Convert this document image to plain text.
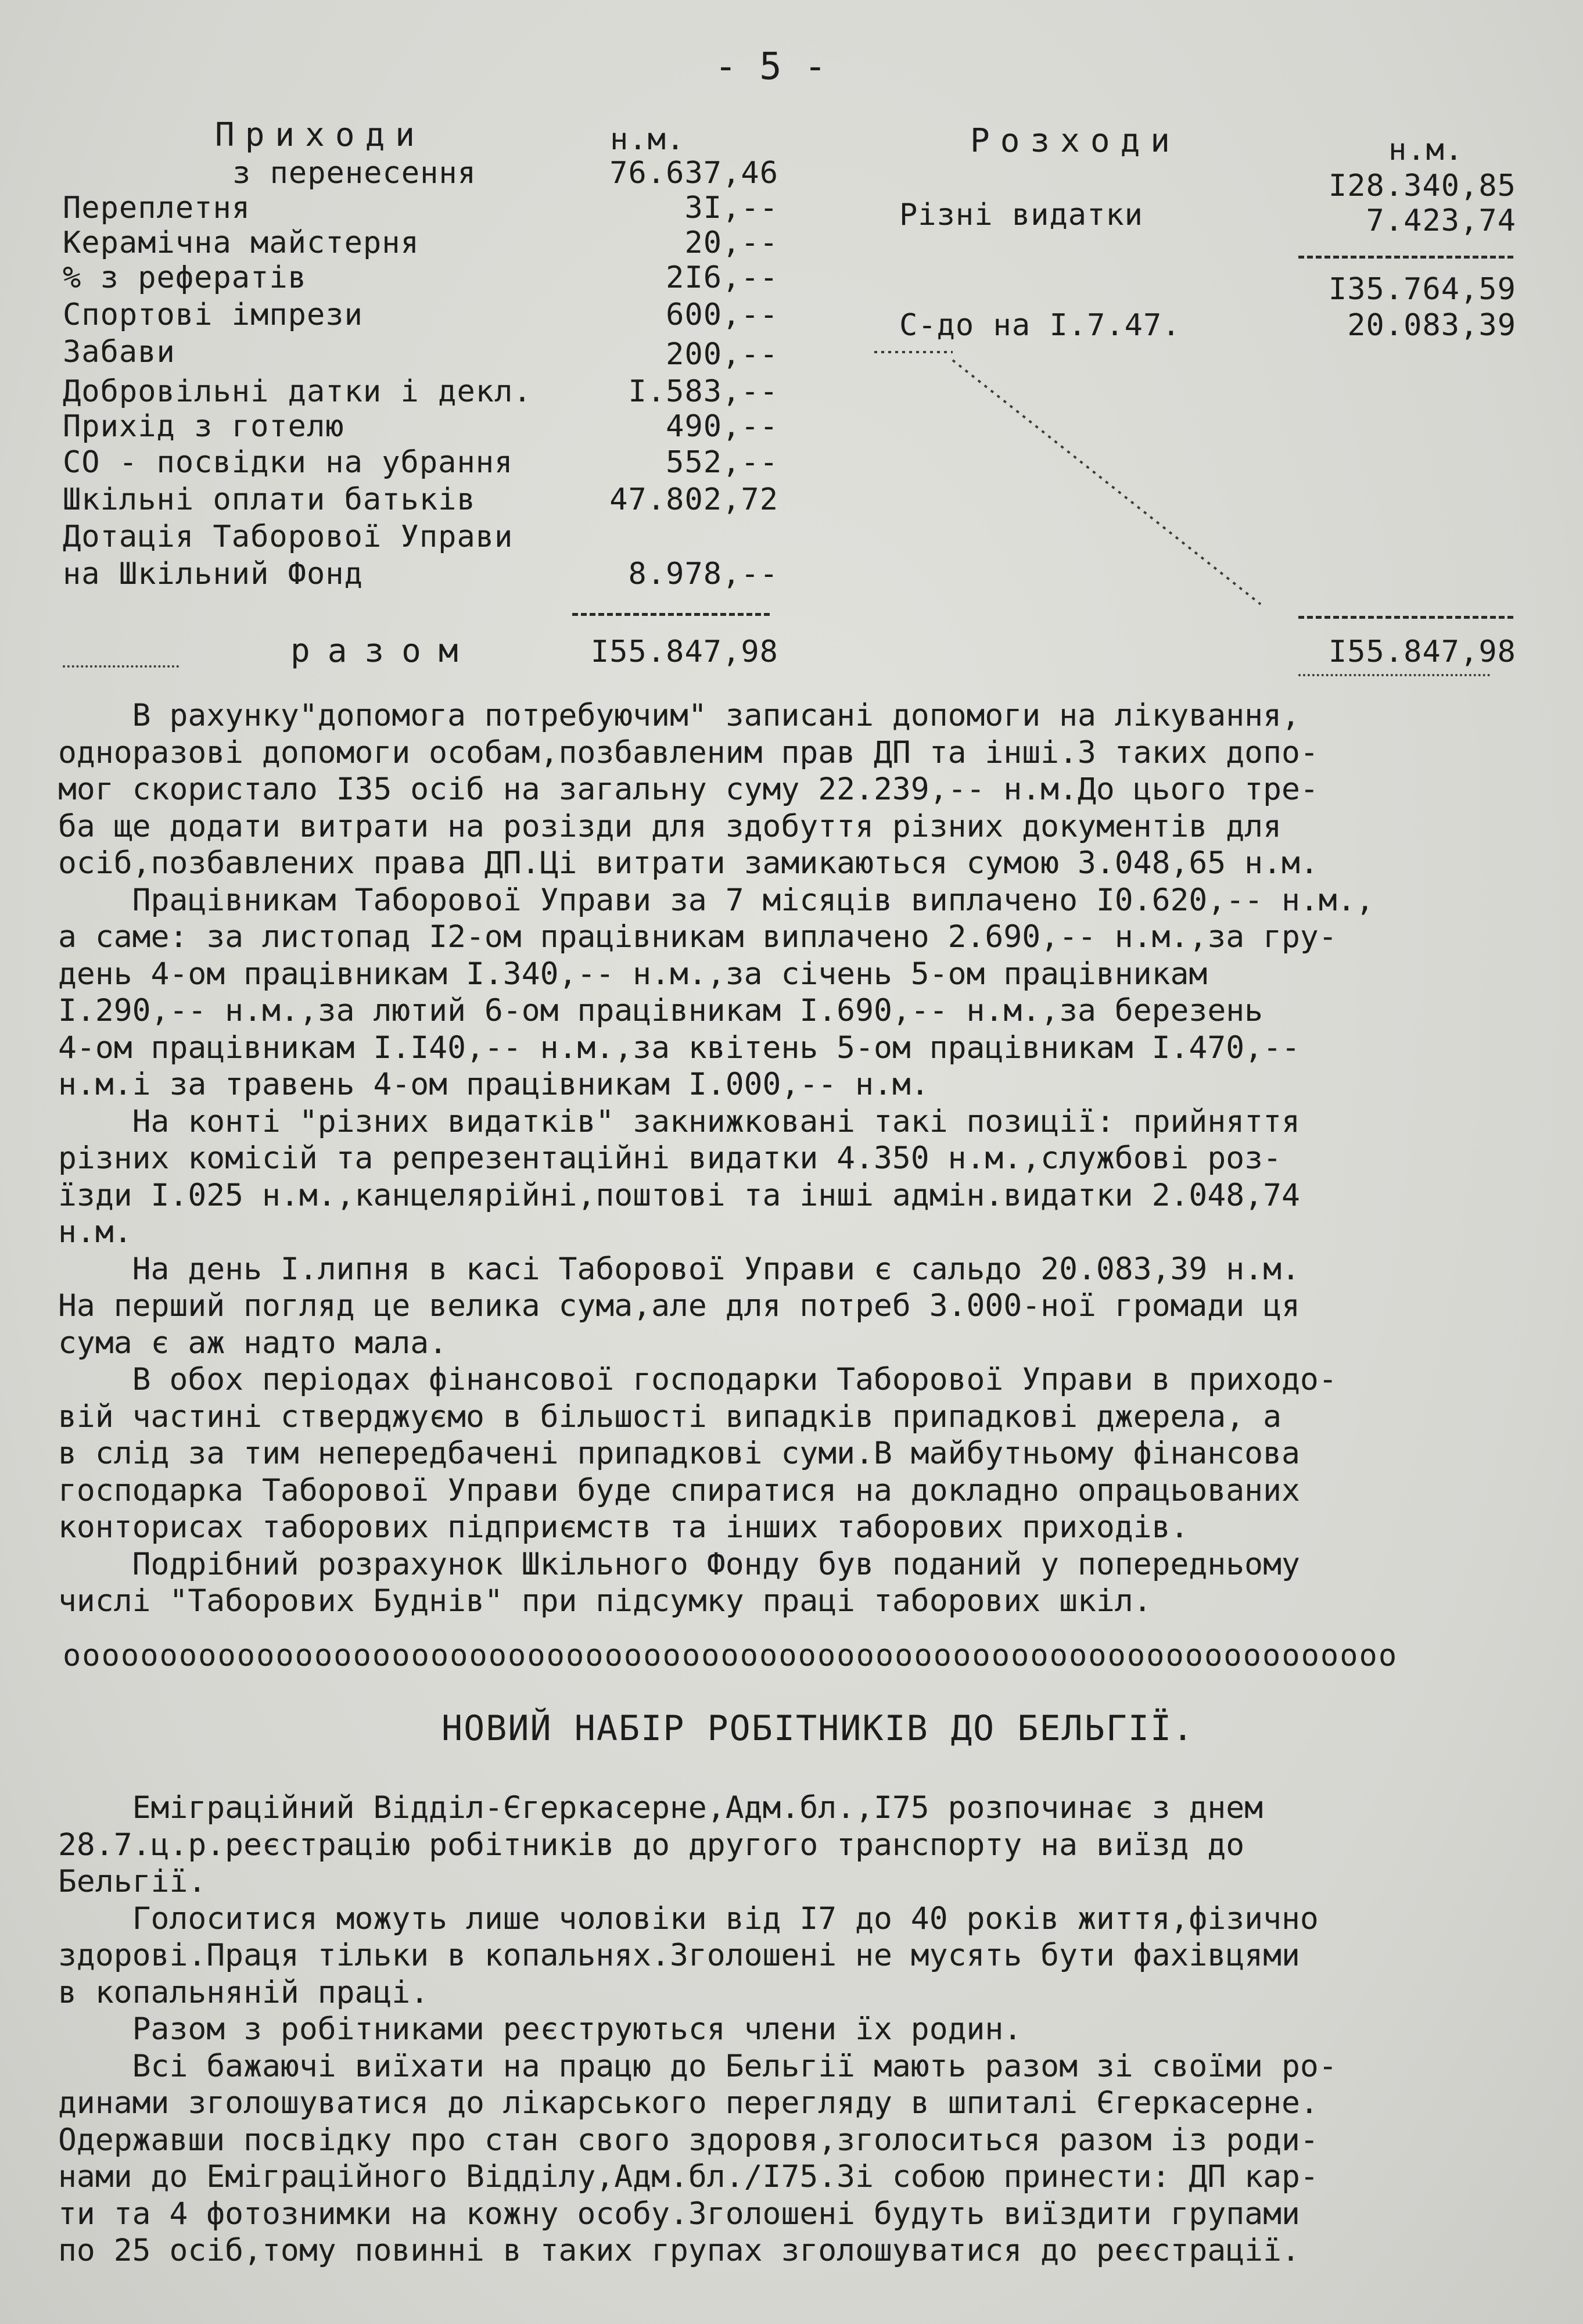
- 5 -
Приходи	н.м.	Розходи	н.м.
з перенесення	76.637,46
Переплетня	3I,--
Керамічна майстерня	20,--
% з рефератів	2I6,--
Спортові імпрези	600,--
Забави	200,--
Добровільні датки і декл.	I.583,--
Прихід з готелю	490,--
СО - посвідки на убрання	552,--
Шкільні оплати батьків	47.802,72
Дотація Таборової Управи
на Шкільний Фонд	8.978,--
разом	I55.847,98
I28.340,85
Різні видатки	7.423,74
I35.764,59
С-до на I.7.47.	20.083,39
I55.847,98
В рахунку"допомога потребуючим" записані допомоги на лікування,
одноразові допомоги особам,позбавленим прав ДП та інші.З таких допо-
мог скористало I35 осіб на загальну суму 22.239,-- н.м.До цього тре-
ба ще додати витрати на розізди для здобуття різних документів для
осіб,позбавлених права ДП.Ці витрати замикаються сумою 3.048,65 н.м.
Працівникам Таборової Управи за 7 місяців виплачено I0.620,-- н.м.,
а саме: за листопад I2-ом працівникам виплачено 2.690,-- н.м.,за гру-
день 4-ом працівникам I.340,-- н.м.,за січень 5-ом працівникам
I.290,-- н.м.,за лютий 6-ом працівникам I.690,-- н.м.,за березень
4-ом працівникам I.I40,-- н.м.,за квітень 5-ом працівникам I.470,--
н.м.і за травень 4-ом працівникам I.000,-- н.м.
На конті "різних видатків" закнижковані такі позиції: прийняття
різних комісій та репрезентаційні видатки 4.350 н.м.,службові роз-
їзди I.025 н.м.,канцелярійні,поштові та інші адмін.видатки 2.048,74
н.м.
На день I.липня в касі Таборової Управи є сальдо 20.083,39 н.м.
На перший погляд це велика сума,але для потреб 3.000-ної громади ця
сума є аж надто мала.
В обох періодах фінансової господарки Таборової Управи в приходо-
вій частині стверджуємо в більшості випадків припадкові джерела, а
в слід за тим непередбачені припадкові суми.В майбутньому фінансова
господарка Таборової Управи буде спиратися на докладно опрацьованих
конторисах таборових підприємств та інших таборових приходів.
Подрібний розрахунок Шкільного Фонду був поданий у попередньому
числі "Таборових Буднів" при підсумку праці таборових шкіл.
ooooooooooooooooooooooooooooooooooooooooooooooooooooooooooooooooooooo
НОВИЙ НАБІР РОБІТНИКІВ ДО БЕЛЬГІЇ.
Еміграційний Відділ-Єгеркасерне,Адм.бл.,I75 розпочинає з днем
28.7.ц.р.реєстрацію робітників до другого транспорту на виїзд до
Бельгії.
Голоситися можуть лише чоловіки від I7 до 40 років життя,фізично
здорові.Праця тільки в копальнях.Зголошені не мусять бути фахівцями
в копальняній праці.
Разом з робітниками реєструються члени їх родин.
Всі бажаючі виїхати на працю до Бельгії мають разом зі своїми ро-
динами зголошуватися до лікарського перегляду в шпиталі Єгеркасерне.
Одержавши посвідку про стан свого здоровя,зголоситься разом із роди-
нами до Еміграційного Відділу,Адм.бл./I75.Зі собою принести: ДП кар-
ти та 4 фотознимки на кожну особу.Зголошені будуть виїздити групами
по 25 осіб,тому повинні в таких групах зголошуватися до реєстрації.
